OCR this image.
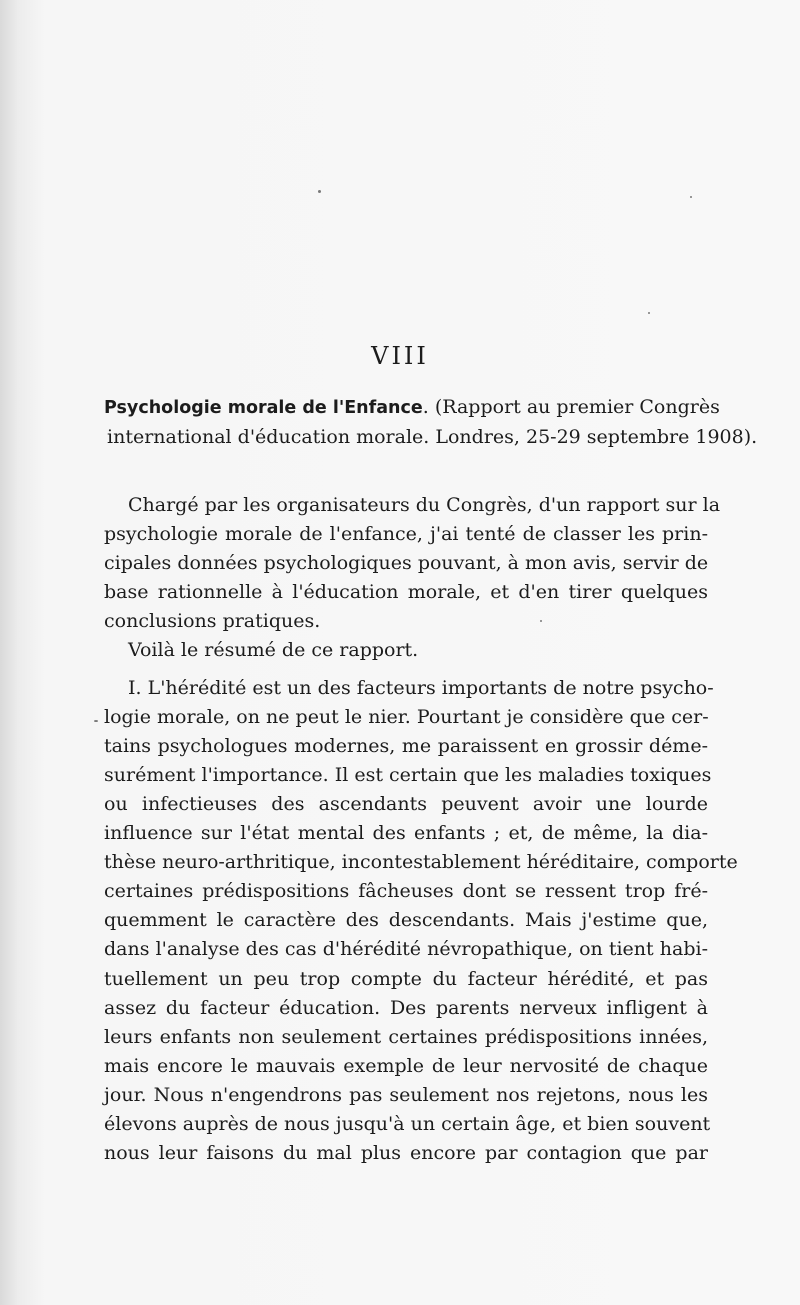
VIII
Psychologie morale de l'Enfance. (Rapport au premier Congrès
international d'éducation morale. Londres, 25-29 septembre 1908).
Chargé par les organisateurs du Congrès, d'un rapport sur la
psychologie morale de l'enfance, j'ai tenté de classer les prin-
cipales données psychologiques pouvant, à mon avis, servir de
base rationnelle à l'éducation morale, et d'en tirer quelques
conclusions pratiques.
Voilà le résumé de ce rapport.
I. L'hérédité est un des facteurs importants de notre psycho-
logie morale, on ne peut le nier. Pourtant je considère que cer-
tains psychologues modernes, me paraissent en grossir démе-
surément l'importance. Il est certain que les maladies toxiques
ou infectieuses des ascendants peuvent avoir une lourde
influence sur l'état mental des enfants ; et, de même, la dia-
thèse neuro-arthritique, incontestablement héréditaire, comporte
certaines prédispositions fâcheuses dont se ressent trop fré-
quemment le caractère des descendants. Mais j'estime que,
dans l'analyse des cas d'hérédité névropathique, on tient habi-
tuellement un peu trop compte du facteur hérédité, et pas
assez du facteur éducation. Des parents nerveux infligent à
leurs enfants non seulement certaines prédispositions innées,
mais encore le mauvais exemple de leur nervosité de chaque
jour. Nous n'engendrons pas seulement nos rejetons, nous les
élevons auprès de nous jusqu'à un certain âge, et bien souvent
nous leur faisons du mal plus encore par contagion que par
